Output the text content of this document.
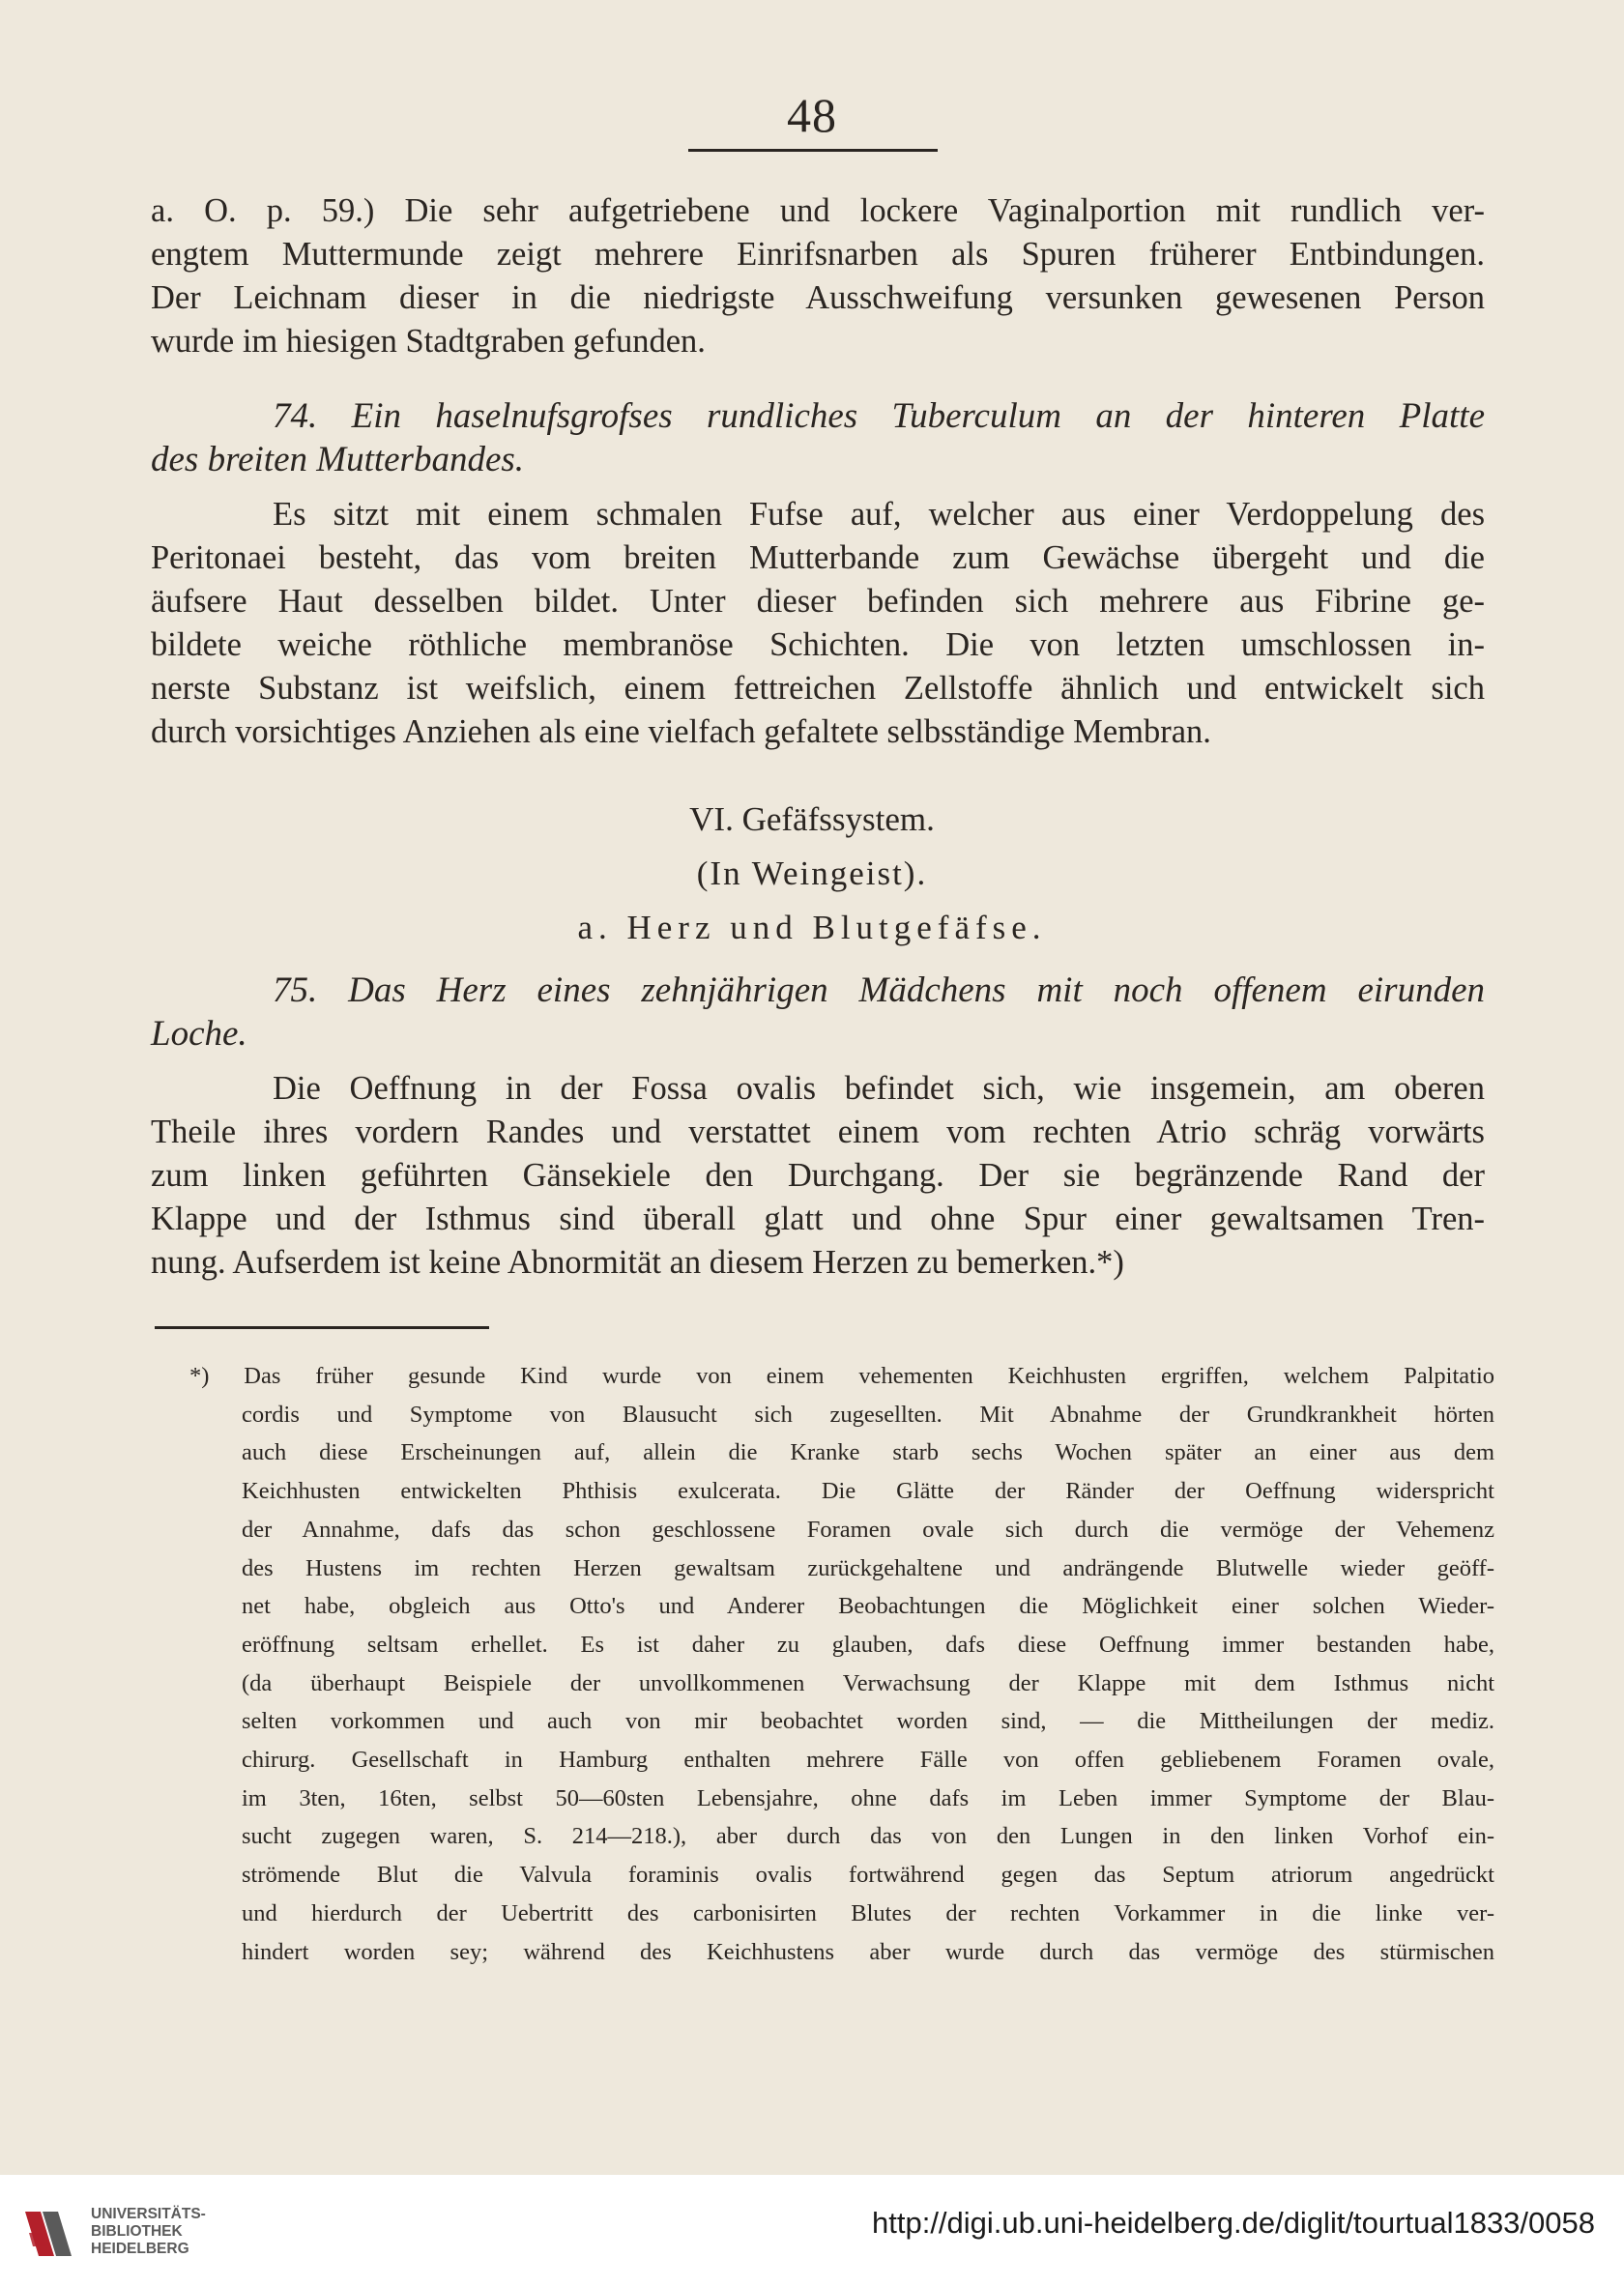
48
a. O. p. 59.) Die sehr aufgetriebene und lockere Vaginalportion mit rundlich ver-
engtem Muttermunde zeigt mehrere Einrifsnarben als Spuren früherer Entbindungen.
Der Leichnam dieser in die niedrigste Ausschweifung versunken gewesenen Person
wurde im hiesigen Stadtgraben gefunden.
74. Ein haselnufsgrofses rundliches Tuberculum an der hinteren Platte
des breiten Mutterbandes.
Es sitzt mit einem schmalen Fufse auf, welcher aus einer Verdoppelung des
Peritonaei besteht, das vom breiten Mutterbande zum Gewächse übergeht und die
äufsere Haut desselben bildet. Unter dieser befinden sich mehrere aus Fibrine ge-
bildete weiche röthliche membranöse Schichten. Die von letzten umschlossen in-
nerste Substanz ist weifslich, einem fettreichen Zellstoffe ähnlich und entwickelt sich
durch vorsichtiges Anziehen als eine vielfach gefaltete selbsständige Membran.
VI. Gefäfssystem.
(In Weingeist).
a. Herz und Blutgefäfse.
75. Das Herz eines zehnjährigen Mädchens mit noch offenem eirunden
Loche.
Die Oeffnung in der Fossa ovalis befindet sich, wie insgemein, am oberen
Theile ihres vordern Randes und verstattet einem vom rechten Atrio schräg vorwärts
zum linken geführten Gänsekiele den Durchgang. Der sie begränzende Rand der
Klappe und der Isthmus sind überall glatt und ohne Spur einer gewaltsamen Tren-
nung. Aufserdem ist keine Abnormität an diesem Herzen zu bemerken.*)
*) Das früher gesunde Kind wurde von einem vehementen Keichhusten ergriffen, welchem Palpitatio
cordis und Symptome von Blausucht sich zugesellten. Mit Abnahme der Grundkrankheit hörten
auch diese Erscheinungen auf, allein die Kranke starb sechs Wochen später an einer aus dem
Keichhusten entwickelten Phthisis exulcerata. Die Glätte der Ränder der Oeffnung widerspricht
der Annahme, dafs das schon geschlossene Foramen ovale sich durch die vermöge der Vehemenz
des Hustens im rechten Herzen gewaltsam zurückgehaltene und andrängende Blutwelle wieder geöff-
net habe, obgleich aus Otto's und Anderer Beobachtungen die Möglichkeit einer solchen Wieder-
eröffnung seltsam erhellet. Es ist daher zu glauben, dafs diese Oeffnung immer bestanden habe,
(da überhaupt Beispiele der unvollkommenen Verwachsung der Klappe mit dem Isthmus nicht
selten vorkommen und auch von mir beobachtet worden sind, — die Mittheilungen der mediz.
chirurg. Gesellschaft in Hamburg enthalten mehrere Fälle von offen gebliebenem Foramen ovale,
im 3ten, 16ten, selbst 50—60sten Lebensjahre, ohne dafs im Leben immer Symptome der Blau-
sucht zugegen waren, S. 214—218.), aber durch das von den Lungen in den linken Vorhof ein-
strömende Blut die Valvula foraminis ovalis fortwährend gegen das Septum atriorum angedrückt
und hierdurch der Uebertritt des carbonisirten Blutes der rechten Vorkammer in die linke ver-
hindert worden sey; während des Keichhustens aber wurde durch das vermöge des stürmischen
UNIVERSITÄTS-
BIBLIOTHEK
HEIDELBERG
http://digi.ub.uni-heidelberg.de/diglit/tourtual1833/0058
